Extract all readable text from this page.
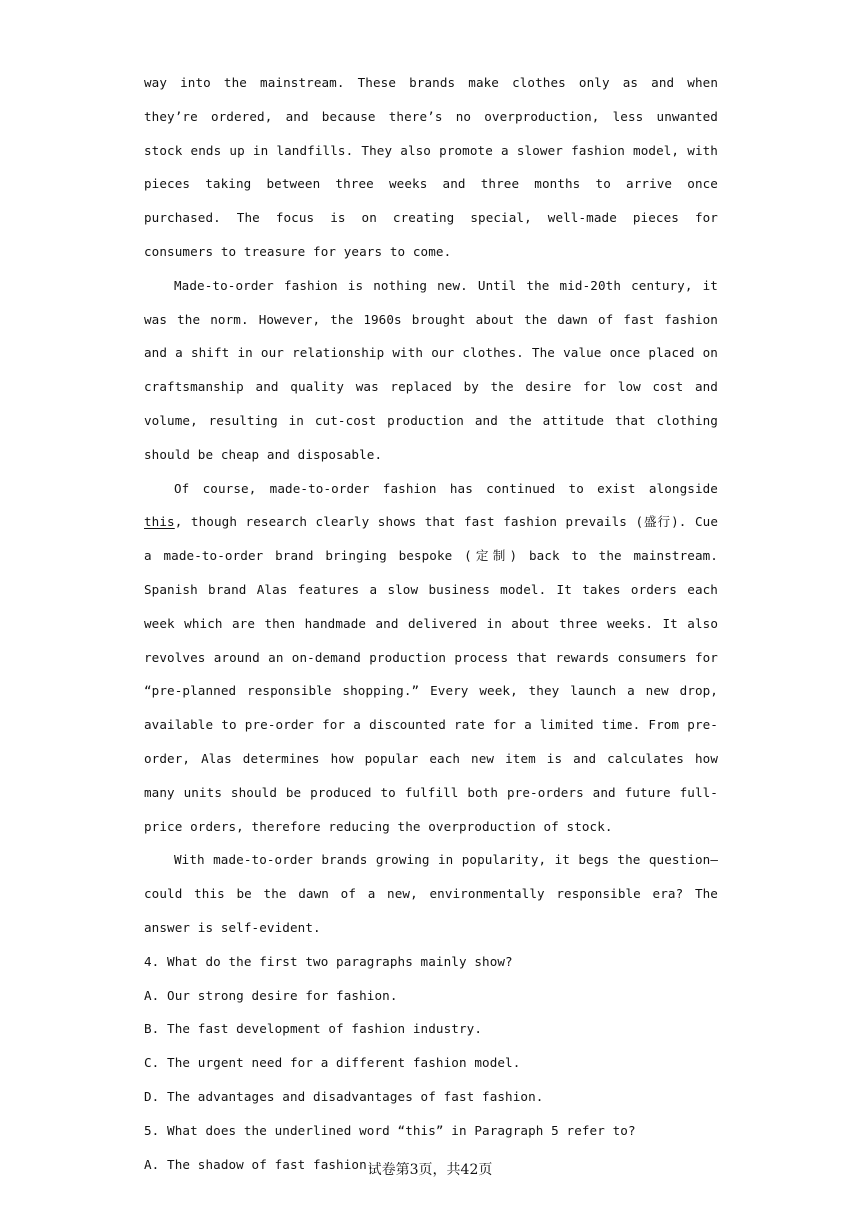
way into the mainstream. These brands make clothes only as and when they’re ordered, and because there’s no overproduction, less unwanted stock ends up in landfills. They also promote a slower fashion model, with pieces taking between three weeks and three months to arrive once purchased. The focus is on creating special, well-made pieces for consumers to treasure for years to come.

Made-to-order fashion is nothing new. Until the mid-20th century, it was the norm. However, the 1960s brought about the dawn of fast fashion and a shift in our relationship with our clothes. The value once placed on craftsmanship and quality was replaced by the desire for low cost and volume, resulting in cut-cost production and the attitude that clothing should be cheap and disposable.

Of course, made-to-order fashion has continued to exist alongside this, though research clearly shows that fast fashion prevails (盛行). Cue a made-to-order brand bringing bespoke (定制) back to the mainstream. Spanish brand Alas features a slow business model. It takes orders each week which are then handmade and delivered in about three weeks. It also revolves around an on-demand production process that rewards consumers for “pre-planned responsible shopping.” Every week, they launch a new drop, available to pre-order for a discounted rate for a limited time. From pre-order, Alas determines how popular each new item is and calculates how many units should be produced to fulfill both pre-orders and future full-price orders, therefore reducing the overproduction of stock.

With made-to-order brands growing in popularity, it begs the question—could this be the dawn of a new, environmentally responsible era? The answer is self-evident.

4. What do the first two paragraphs mainly show?

A. Our strong desire for fashion.

B. The fast development of fashion industry.

C. The urgent need for a different fashion model.

D. The advantages and disadvantages of fast fashion.

5. What does the underlined word “this” in Paragraph 5 refer to?

A. The shadow of fast fashion.

试卷第3页，共42页
